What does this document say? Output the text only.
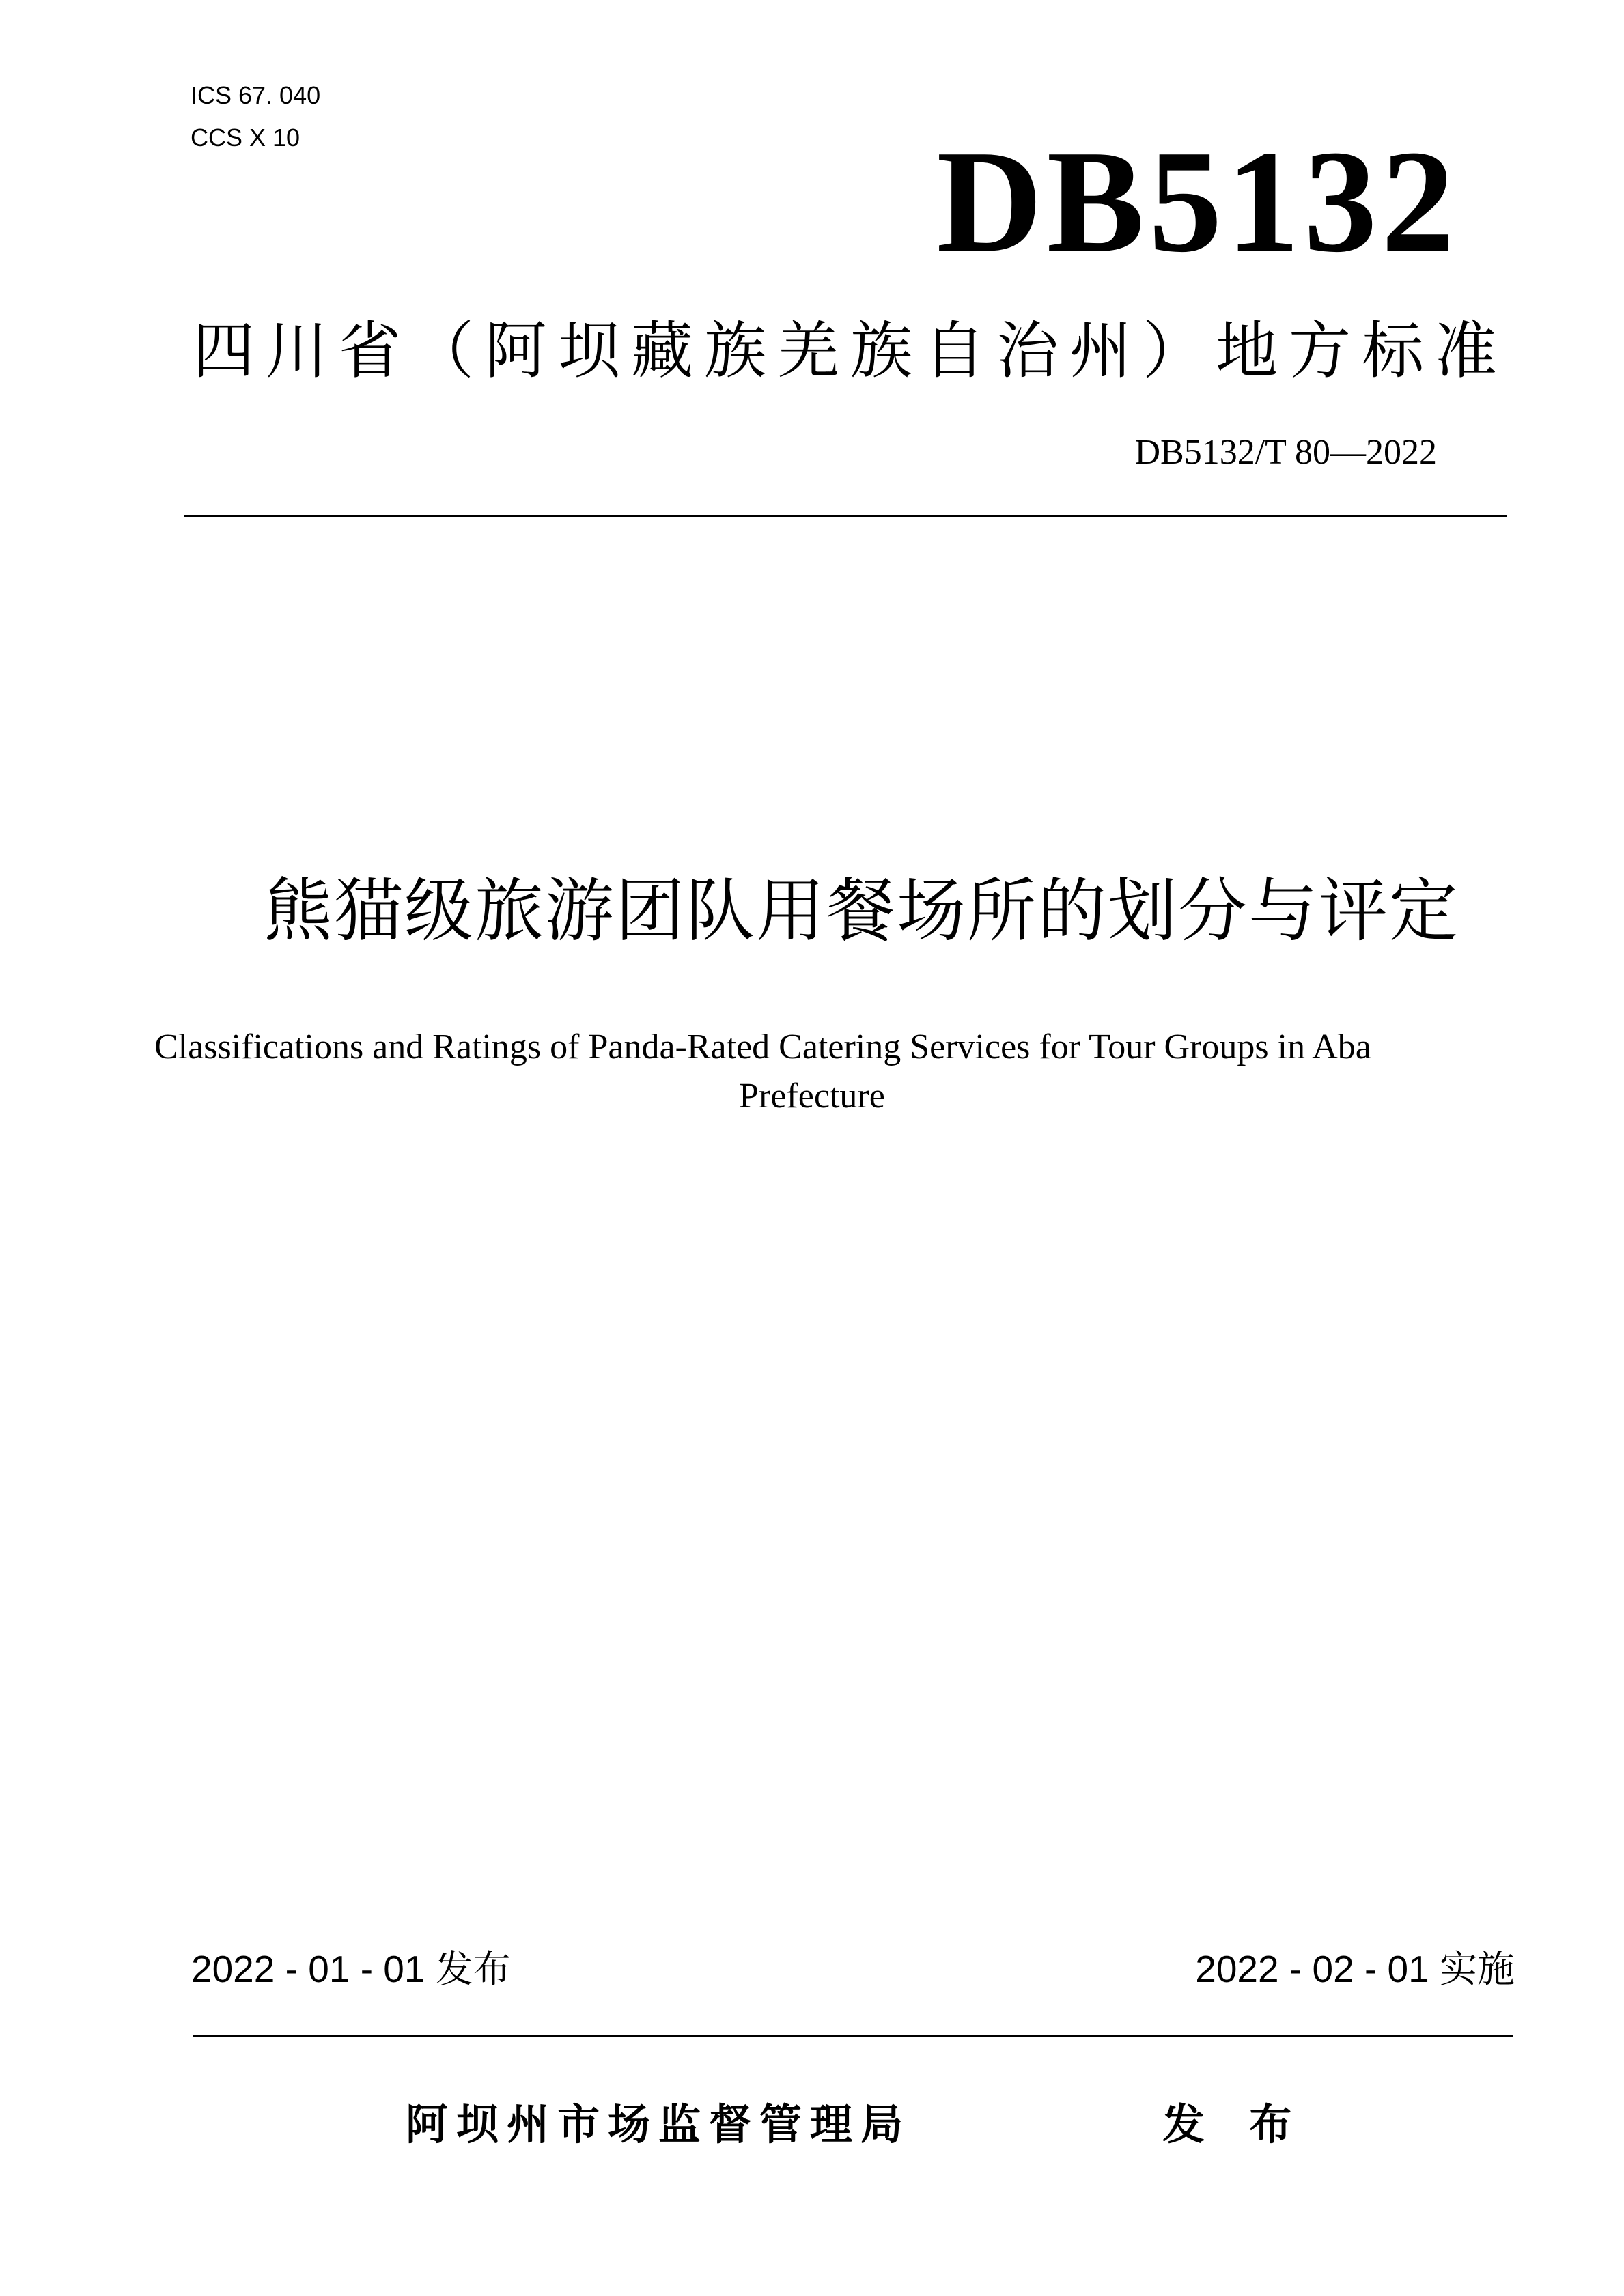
ICS 67. 040
CCS X 10	DB5132
四川省（阿坝藏族羌族自治州）地方标准
DB5132/T 80—2022
熊猫级旅游团队用餐场所的划分与评定
Classifications and Ratings of Panda-Rated Catering Services for Tour Groups in Aba
Prefecture
2022 - 01 - 01 发布	2022 - 02 - 01 实施
阿坝州市场监督管理局	发 布
